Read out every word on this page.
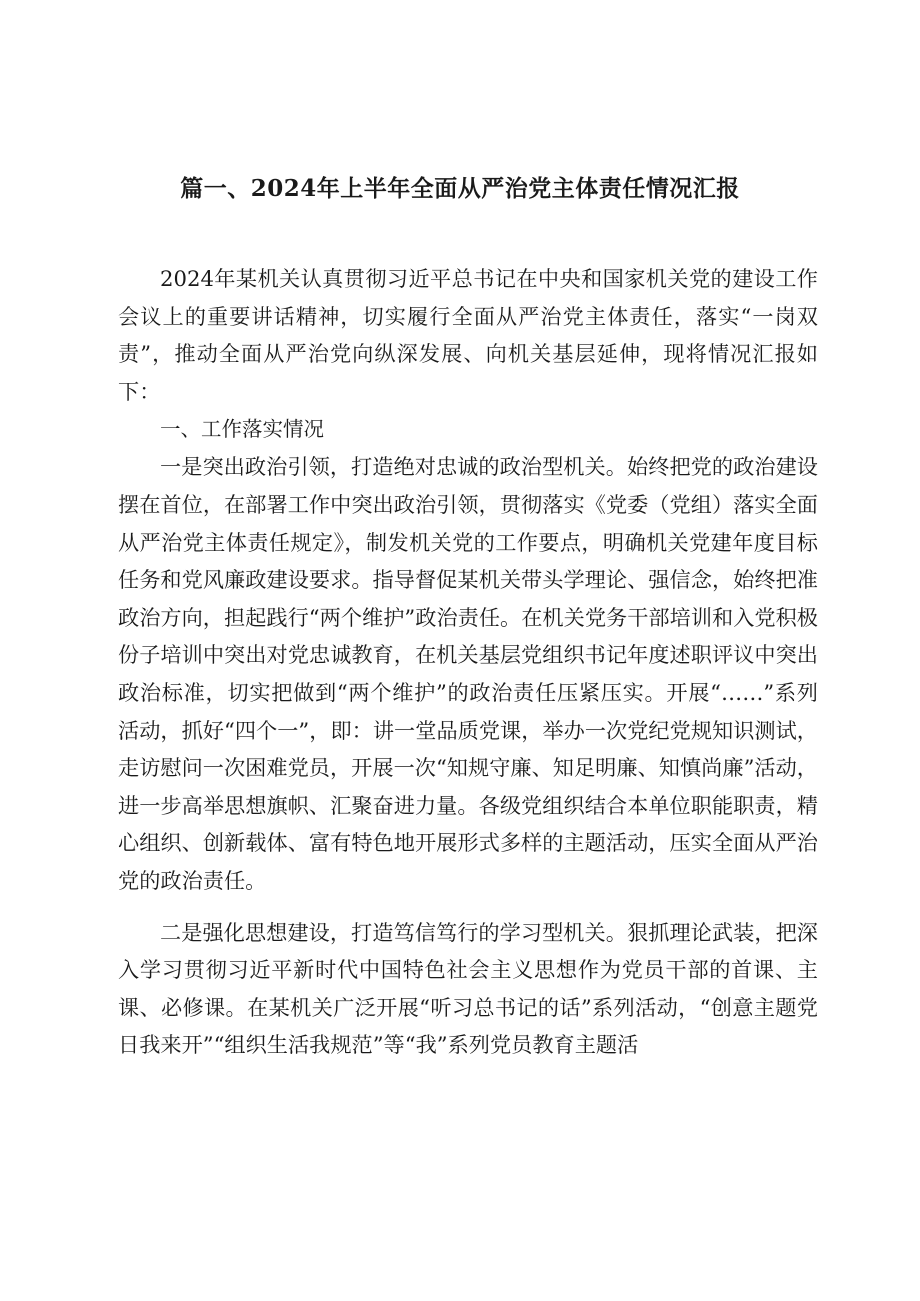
篇一、2024年上半年全面从严治党主体责任情况汇报

2024年某机关认真贯彻习近平总书记在中央和国家机关党的建设工作会议上的重要讲话精神，切实履行全面从严治党主体责任，落实“一岗双责”，推动全面从严治党向纵深发展、向机关基层延伸，现将情况汇报如下：

一、工作落实情况

一是突出政治引领，打造绝对忠诚的政治型机关。始终把党的政治建设摆在首位，在部署工作中突出政治引领，贯彻落实《党委（党组）落实全面从严治党主体责任规定》，制发机关党的工作要点，明确机关党建年度目标任务和党风廉政建设要求。指导督促某机关带头学理论、强信念，始终把准政治方向，担起践行“两个维护”政治责任。在机关党务干部培训和入党积极份子培训中突出对党忠诚教育，在机关基层党组织书记年度述职评议中突出政治标准，切实把做到“两个维护”的政治责任压紧压实。开展“……”系列活动，抓好“四个一”，即：讲一堂品质党课，举办一次党纪党规知识测试，走访慰问一次困难党员，开展一次“知规守廉、知足明廉、知慎尚廉”活动，进一步高举思想旗帜、汇聚奋进力量。各级党组织结合本单位职能职责，精心组织、创新载体、富有特色地开展形式多样的主题活动，压实全面从严治党的政治责任。

二是强化思想建设，打造笃信笃行的学习型机关。狠抓理论武装，把深入学习贯彻习近平新时代中国特色社会主义思想作为党员干部的首课、主课、必修课。在某机关广泛开展“听习总书记的话”系列活动，“创意主题党日我来开”“组织生活我规范”等“我”系列党员教育主题活
